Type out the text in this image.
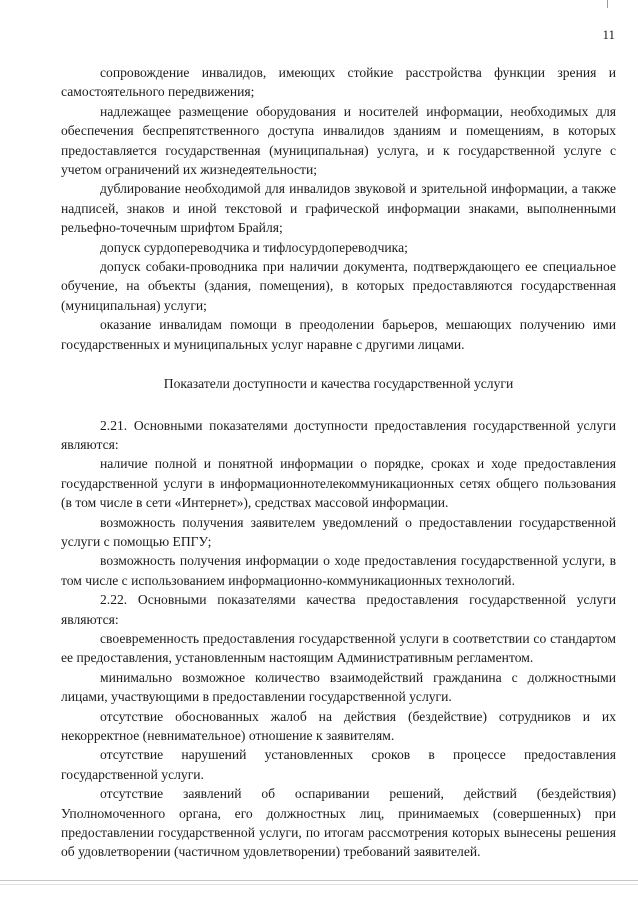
11

сопровождение инвалидов, имеющих стойкие расстройства функции зрения и самостоятельного передвижения;

надлежащее размещение оборудования и носителей информации, необходимых для обеспечения беспрепятственного доступа инвалидов зданиям и помещениям, в которых предоставляется государственная (муниципальная) услуга, и к государственной услуге с учетом ограничений их жизнедеятельности;

дублирование необходимой для инвалидов звуковой и зрительной информации, а также надписей, знаков и иной текстовой и графической информации знаками, выполненными рельефно-точечным шрифтом Брайля;

допуск сурдопереводчика и тифлосурдопереводчика;

допуск собаки-проводника при наличии документа, подтверждающего ее специальное обучение, на объекты (здания, помещения), в которых предоставляются государственная (муниципальная) услуги;

оказание инвалидам помощи в преодолении барьеров, мешающих получению ими государственных и муниципальных услуг наравне с другими лицами.

Показатели доступности и качества государственной услуги

2.21. Основными показателями доступности предоставления государственной услуги являются:

наличие полной и понятной информации о порядке, сроках и ходе предоставления государственной услуги в информационнотелекоммуникационных сетях общего пользования (в том числе в сети «Интернет»), средствах массовой информации.

возможность получения заявителем уведомлений о предоставлении государственной услуги с помощью ЕПГУ;

возможность получения информации о ходе предоставления государственной услуги, в том числе с использованием информационно-коммуникационных технологий.

2.22. Основными показателями качества предоставления государственной услуги являются:

своевременность предоставления государственной услуги в соответствии со стандартом ее предоставления, установленным настоящим Административным регламентом.

минимально возможное количество взаимодействий гражданина с должностными лицами, участвующими в предоставлении государственной услуги.

отсутствие обоснованных жалоб на действия (бездействие) сотрудников и их некорректное (невнимательное) отношение к заявителям.

отсутствие нарушений установленных сроков в процессе предоставления государственной услуги.

отсутствие заявлений об оспаривании решений, действий (бездействия) Уполномоченного органа, его должностных лиц, принимаемых (совершенных) при предоставлении государственной услуги, по итогам рассмотрения которых вынесены решения об удовлетворении (частичном удовлетворении) требований заявителей.
